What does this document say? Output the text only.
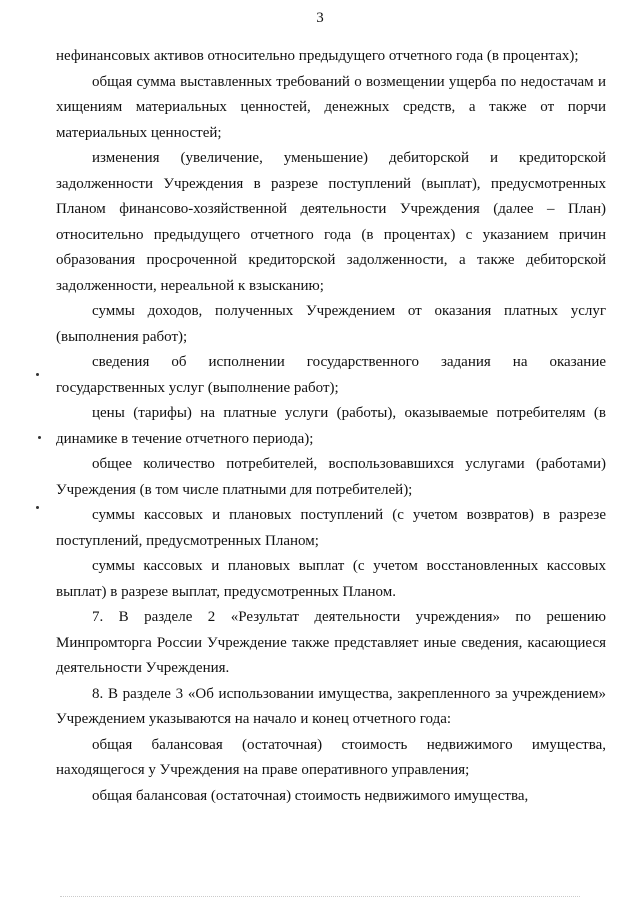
3

нефинансовых активов относительно предыдущего отчетного года (в процентах);

общая сумма выставленных требований о возмещении ущерба по недостачам и хищениям материальных ценностей, денежных средств, а также от порчи материальных ценностей;

изменения (увеличение, уменьшение) дебиторской и кредиторской задолженности Учреждения в разрезе поступлений (выплат), предусмотренных Планом финансово-хозяйственной деятельности Учреждения (далее – План) относительно предыдущего отчетного года (в процентах) с указанием причин образования просроченной кредиторской задолженности, а также дебиторской задолженности, нереальной к взысканию;

суммы доходов, полученных Учреждением от оказания платных услуг (выполнения работ);

сведения об исполнении государственного задания на оказание государственных услуг (выполнение работ);

цены (тарифы) на платные услуги (работы), оказываемые потребителям (в динамике в течение отчетного периода);

общее количество потребителей, воспользовавшихся услугами (работами) Учреждения (в том числе платными для потребителей);

суммы кассовых и плановых поступлений (с учетом возвратов) в разрезе поступлений, предусмотренных Планом;

суммы кассовых и плановых выплат (с учетом восстановленных кассовых выплат) в разрезе выплат, предусмотренных Планом.

7. В разделе 2 «Результат деятельности учреждения» по решению Минпромторга России Учреждение также представляет иные сведения, касающиеся деятельности Учреждения.

8. В разделе 3 «Об использовании имущества, закрепленного за учреждением» Учреждением указываются на начало и конец отчетного года:

общая балансовая (остаточная) стоимость недвижимого имущества, находящегося у Учреждения на праве оперативного управления;

общая балансовая (остаточная) стоимость недвижимого имущества,
